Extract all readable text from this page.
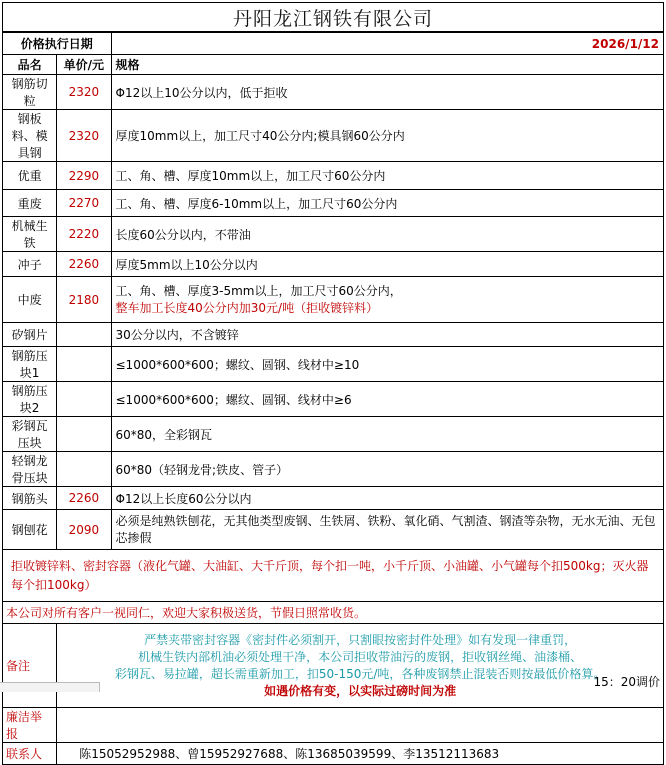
丹阳龙江钢铁有限公司
价格执行日期		2026/1/12
品名	单价/元	规格
钢筋切粒	2320	Φ12以上10公分以内，低于拒收
钢板料、模具钢	2320	厚度10mm以上，加工尺寸40公分内;模具钢60公分内
优重	2290	工、角、槽、厚度10mm以上，加工尺寸60公分内
重废	2270	工、角、槽、厚度6-10mm以上，加工尺寸60公分内
机械生铁	2220	长度60公分以内，不带油
冲子	2260	厚度5mm以上10公分以内
中废	2180	工、角、槽、厚度3-5mm以上，加工尺寸60公分内，整车加工长度40公分内加30元/吨（拒收镀锌料）
矽钢片		30公分以内，不含镀锌
钢筋压块1		≤1000*600*600；螺纹、圆钢、线材中≥10
钢筋压块2		≤1000*600*600；螺纹、圆钢、线材中≥6
彩钢瓦压块		60*80，全彩钢瓦
轻钢龙骨压块		60*80（轻钢龙骨;铁皮、管子）
钢筋头	2260	Φ12以上长度60公分以内
钢刨花	2090	必须是纯熟铁刨花，无其他类型废钢、生铁屑、铁粉、氧化硝、气割渣、钢渣等杂物，无水无油、无包芯掺假
拒收镀锌料、密封容器（液化气罐、大油缸、大千斤顶，每个扣一吨，小千斤顶、小油罐、小气罐每个扣500kg；灭火器每个扣100kg）		
本公司对所有客户一视同仁，欢迎大家积极送货，节假日照常收货。		
备注	严禁夹带密封容器《密封件必须割开，只割眼按密封件处理》如有发现一律重罚，
机械生铁内部机油必须处理干净，本公司拒收带油污的废钢，拒收钢丝绳、油漆桶、
彩钢瓦、易拉罐，超长需重新加工，扣50-150元/吨，各种废钢禁止混装否则按最低价格算。
如遇价格有变，以实际过磅时间为准	

廉洁举报		
联系人	陈15052952988、曾15952927688、陈13685039599、李13512113683	
15：20调价
